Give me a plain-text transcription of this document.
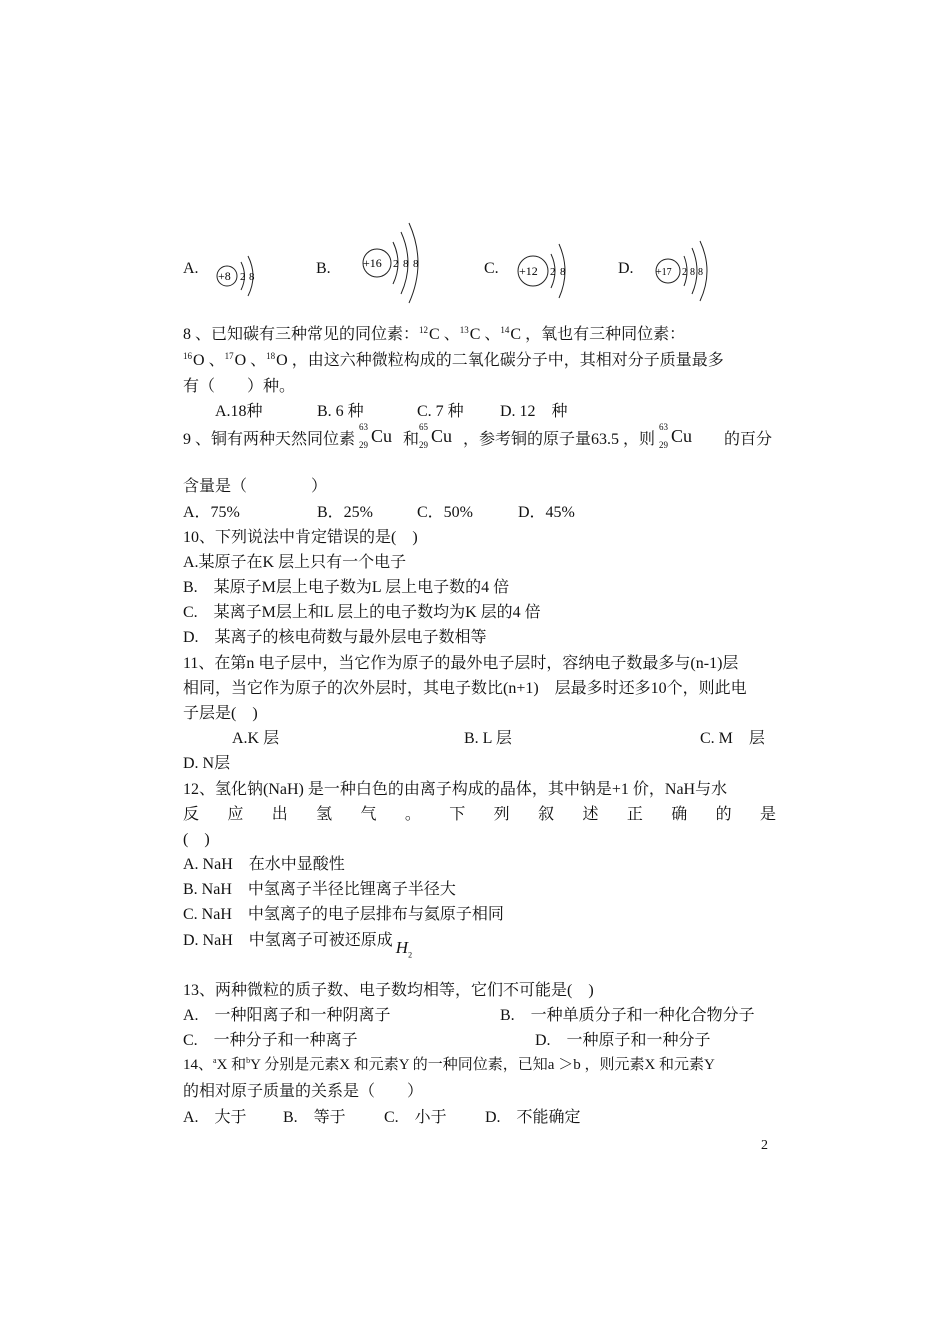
A. +8 2 8	B.	+16 2 8 8	C. +12 2 8	D. +17 2 8 8
8 、已知碳有三种常见的同位素：$^{12}$C 、$^{13}$C 、$^{14}$C ，氧也有三种同位素：
$^{16}$O 、$^{17}$O 、$^{18}$O ，由这六种微粒构成的二氧化碳分子中，其相对分子质量最多
有（　　）种。
A.18种	B. 6 种	C. 7 种 D. 12　种
9 、铜有两种天然同位素
63
29 Cu 和
65
29 Cu ，参考铜的原子量63.5 ，则
63
29 Cu 的百分
含量是（　　　　）
A．75%	B．25%	C．50%	D．45%
10、下列说法中肯定错误的是(　)
A.某原子在K 层上只有一个电子
B.　某原子M层上电子数为L 层上电子数的4 倍
C.　某离子M层上和L 层上的电子数均为K 层的4 倍
D.　某离子的核电荷数与最外层电子数相等
11、在第n 电子层中，当它作为原子的最外电子层时，容纳电子数最多与(n-1)层
相同，当它作为原子的次外层时，其电子数比(n+1)　层最多时还多10个，则此电
子层是(　)
A.K 层	B. L 层	C. M　层
D. N层
12、氢化钠(NaH) 是一种白色的由离子构成的晶体，其中钠是+1 价，NaH与水
反应出氢气。下列叙述正确的是
(　)
A. NaH　在水中显酸性
B. NaH　中氢离子半径比锂离子半径大
C. NaH　中氢离子的电子层排布与氦原子相同
D. NaH　中氢离子可被还原成 $H_2$
13、两种微粒的质子数、电子数均相等，它们不可能是(　)
A.　一种阳离子和一种阴离子	B.　一种单质分子和一种化合物分子
C.　一种分子和一种离子	D.　一种原子和一种分子
14、$^a$X 和$^b$Y 分别是元素X 和元素Y 的一种同位素，已知a ＞b ，则元素X 和元素Y
的相对原子质量的关系是（　　）
A.　大于 B.　等于 C.　小于 D.　不能确定
2
